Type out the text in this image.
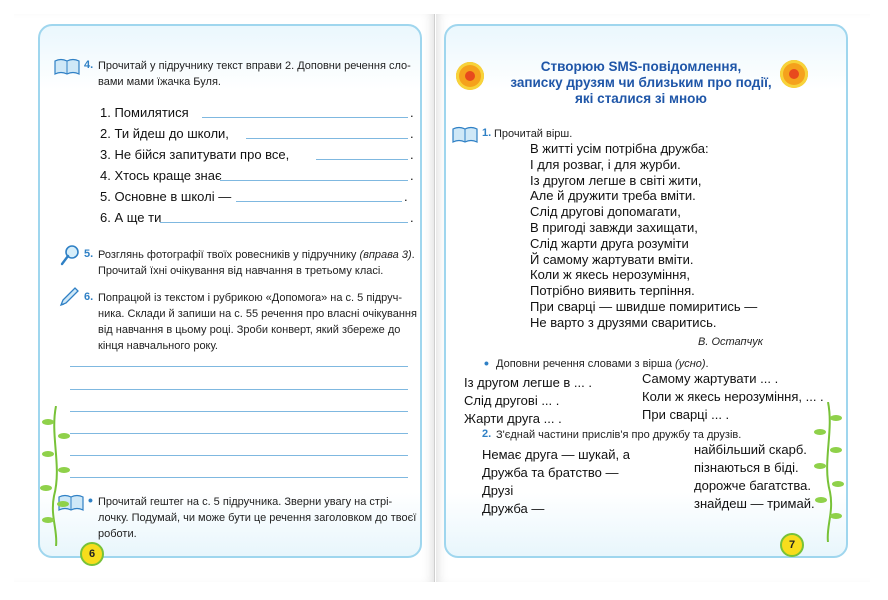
4. Прочитай у підручнику текст вправи 2. Доповни речення сло-
вами мами їжачка Буля.
1. Помилятися	.
2. Ти йдеш до школи,	.
3. Не бійся запитувати про все,	.
4. Хтось краще знає	.
5. Основне в школі —	.
6. А ще ти	.
5. Розглянь фотографії твоїх ровесників у підручнику (вправа 3).
Прочитай їхні очікування від навчання в третьому класі.
6. Попрацюй із текстом і рубрикою «Допомога» на с. 5 підруч-
ника. Склади й запиши на с. 55 речення про власні очікування
від навчання в цьому році. Зроби конверт, який збереже до
кінця навчального року.
• Прочитай гештег на с. 5 підручника. Зверни увагу на стрі-
лочку. Подумай, чи може бути це речення заголовком до твоєї
роботи.
6
Створюю SMS-повідомлення,
записку друзям чи близьким про події,
які сталися зі мною
1. Прочитай вірш.
В житті усім потрібна дружба:
І для розваг, і для журби.
Із другом легше в світі жити,
Але й дружити треба вміти.
Слід другові допомагати,
В пригоді завжди захищати,
Слід жарти друга розуміти
Й самому жартувати вміти.
Коли ж якесь нерозуміння,
Потрібно виявить терпіння.
При сварці — швидше помиритись —
Не варто з друзями сваритись.
В. Остапчук
• Доповни речення словами з вірша (усно).
Із другом легше в ... .
Слід другові ... .
Жарти друга ... .
Самому жартувати ... .
Коли ж якесь нерозуміння, ... .
При сварці ... .
2. З'єднай частини прислів'я про дружбу та друзів.
Немає друга — шукай, а
Дружба та братство —
Друзі
Дружба —
найбільший скарб.
пізнаються в біді.
дорожче багатства.
знайдеш — тримай.
7
